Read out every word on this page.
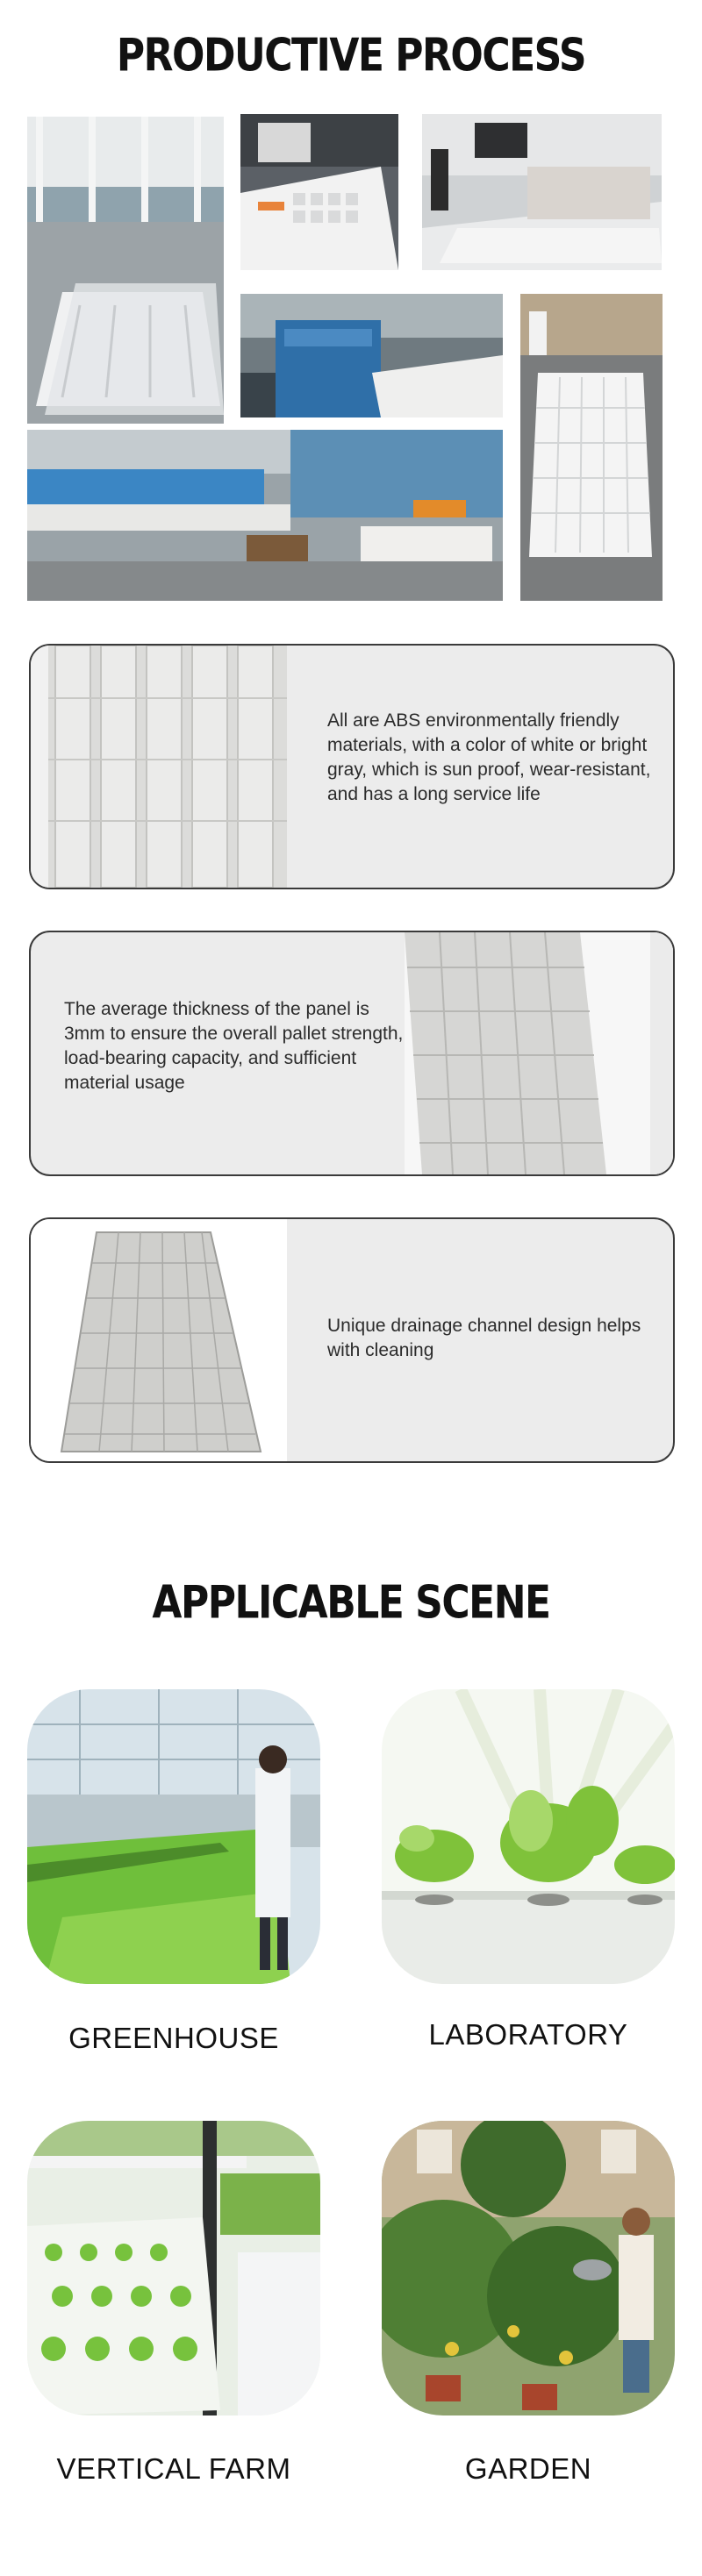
PRODUCTIVE PROCESS
All are ABS environmentally friendly materials, with a color of white or bright gray, which is sun proof, wear-resistant, and has a long service life
The average thickness of the panel is 3mm to ensure the overall pallet strength, load-bearing capacity, and sufficient material usage
Unique drainage channel design helps with cleaning
APPLICABLE SCENE
GREENHOUSE	LABORATORY
VERTICAL FARM	GARDEN
